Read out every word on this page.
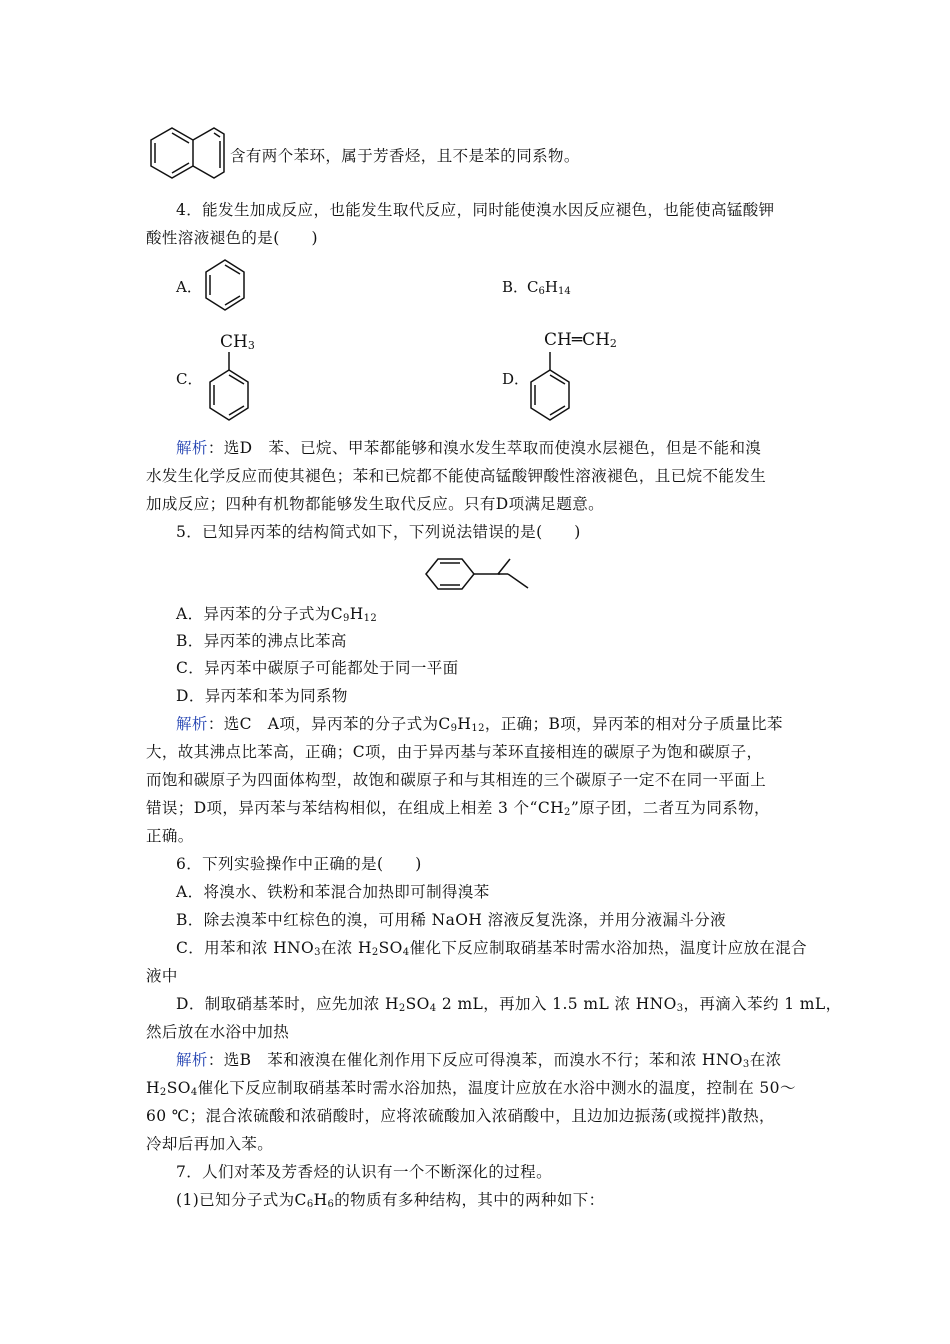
含有两个苯环，属于芳香烃，且不是苯的同系物。
4．能发生加成反应，也能发生取代反应，同时能使溴水因反应褪色，也能使高锰酸钾
酸性溶液褪色的是(　　)
A．	B．
$C_6H_{14}$
CH3
C．
CH═CH2
D．
解析：选D　苯、已烷、甲苯都能够和溴水发生萃取而使溴水层褪色，但是不能和溴
水发生化学反应而使其褪色；苯和已烷都不能使高锰酸钾酸性溶液褪色，且已烷不能发生
加成反应；四种有机物都能够发生取代反应。只有D项满足题意。
5．已知异丙苯的结构简式如下，下列说法错误的是(　　)
A．异丙苯的分子式为$C_9H_{12}$
B．异丙苯的沸点比苯高
C．异丙苯中碳原子可能都处于同一平面
D．异丙苯和苯为同系物
解析：选C　A项，异丙苯的分子式为$C_9H_{12}$，正确；B项，异丙苯的相对分子质量比苯
大，故其沸点比苯高，正确；C项，由于异丙基与苯环直接相连的碳原子为饱和碳原子，
而饱和碳原子为四面体构型，故饱和碳原子和与其相连的三个碳原子一定不在同一平面上
错误；D项，异丙苯与苯结构相似，在组成上相差 3 个“$CH_2$”原子团，二者互为同系物，
正确。
6．下列实验操作中正确的是(　　)
A．将溴水、铁粉和苯混合加热即可制得溴苯
B．除去溴苯中红棕色的溴，可用稀 NaOH 溶液反复洗涤，并用分液漏斗分液
C．用苯和浓 $HNO_3$在浓 $H_2SO_4$催化下反应制取硝基苯时需水浴加热，温度计应放在混合
液中
D．制取硝基苯时，应先加浓 $H_2SO_4$ 2 mL，再加入 1.5 mL 浓 $HNO_3$，再滴入苯约 1 mL，
然后放在水浴中加热
解析：选B　苯和液溴在催化剂作用下反应可得溴苯，而溴水不行；苯和浓 $HNO_3$在浓
$H_2SO_4$催化下反应制取硝基苯时需水浴加热，温度计应放在水浴中测水的温度，控制在 50～
60 ℃；混合浓硫酸和浓硝酸时，应将浓硫酸加入浓硝酸中，且边加边振荡(或搅拌)散热，
冷却后再加入苯。
7．人们对苯及芳香烃的认识有一个不断深化的过程。
(1)已知分子式为$C_6H_6$的物质有多种结构，其中的两种如下：
